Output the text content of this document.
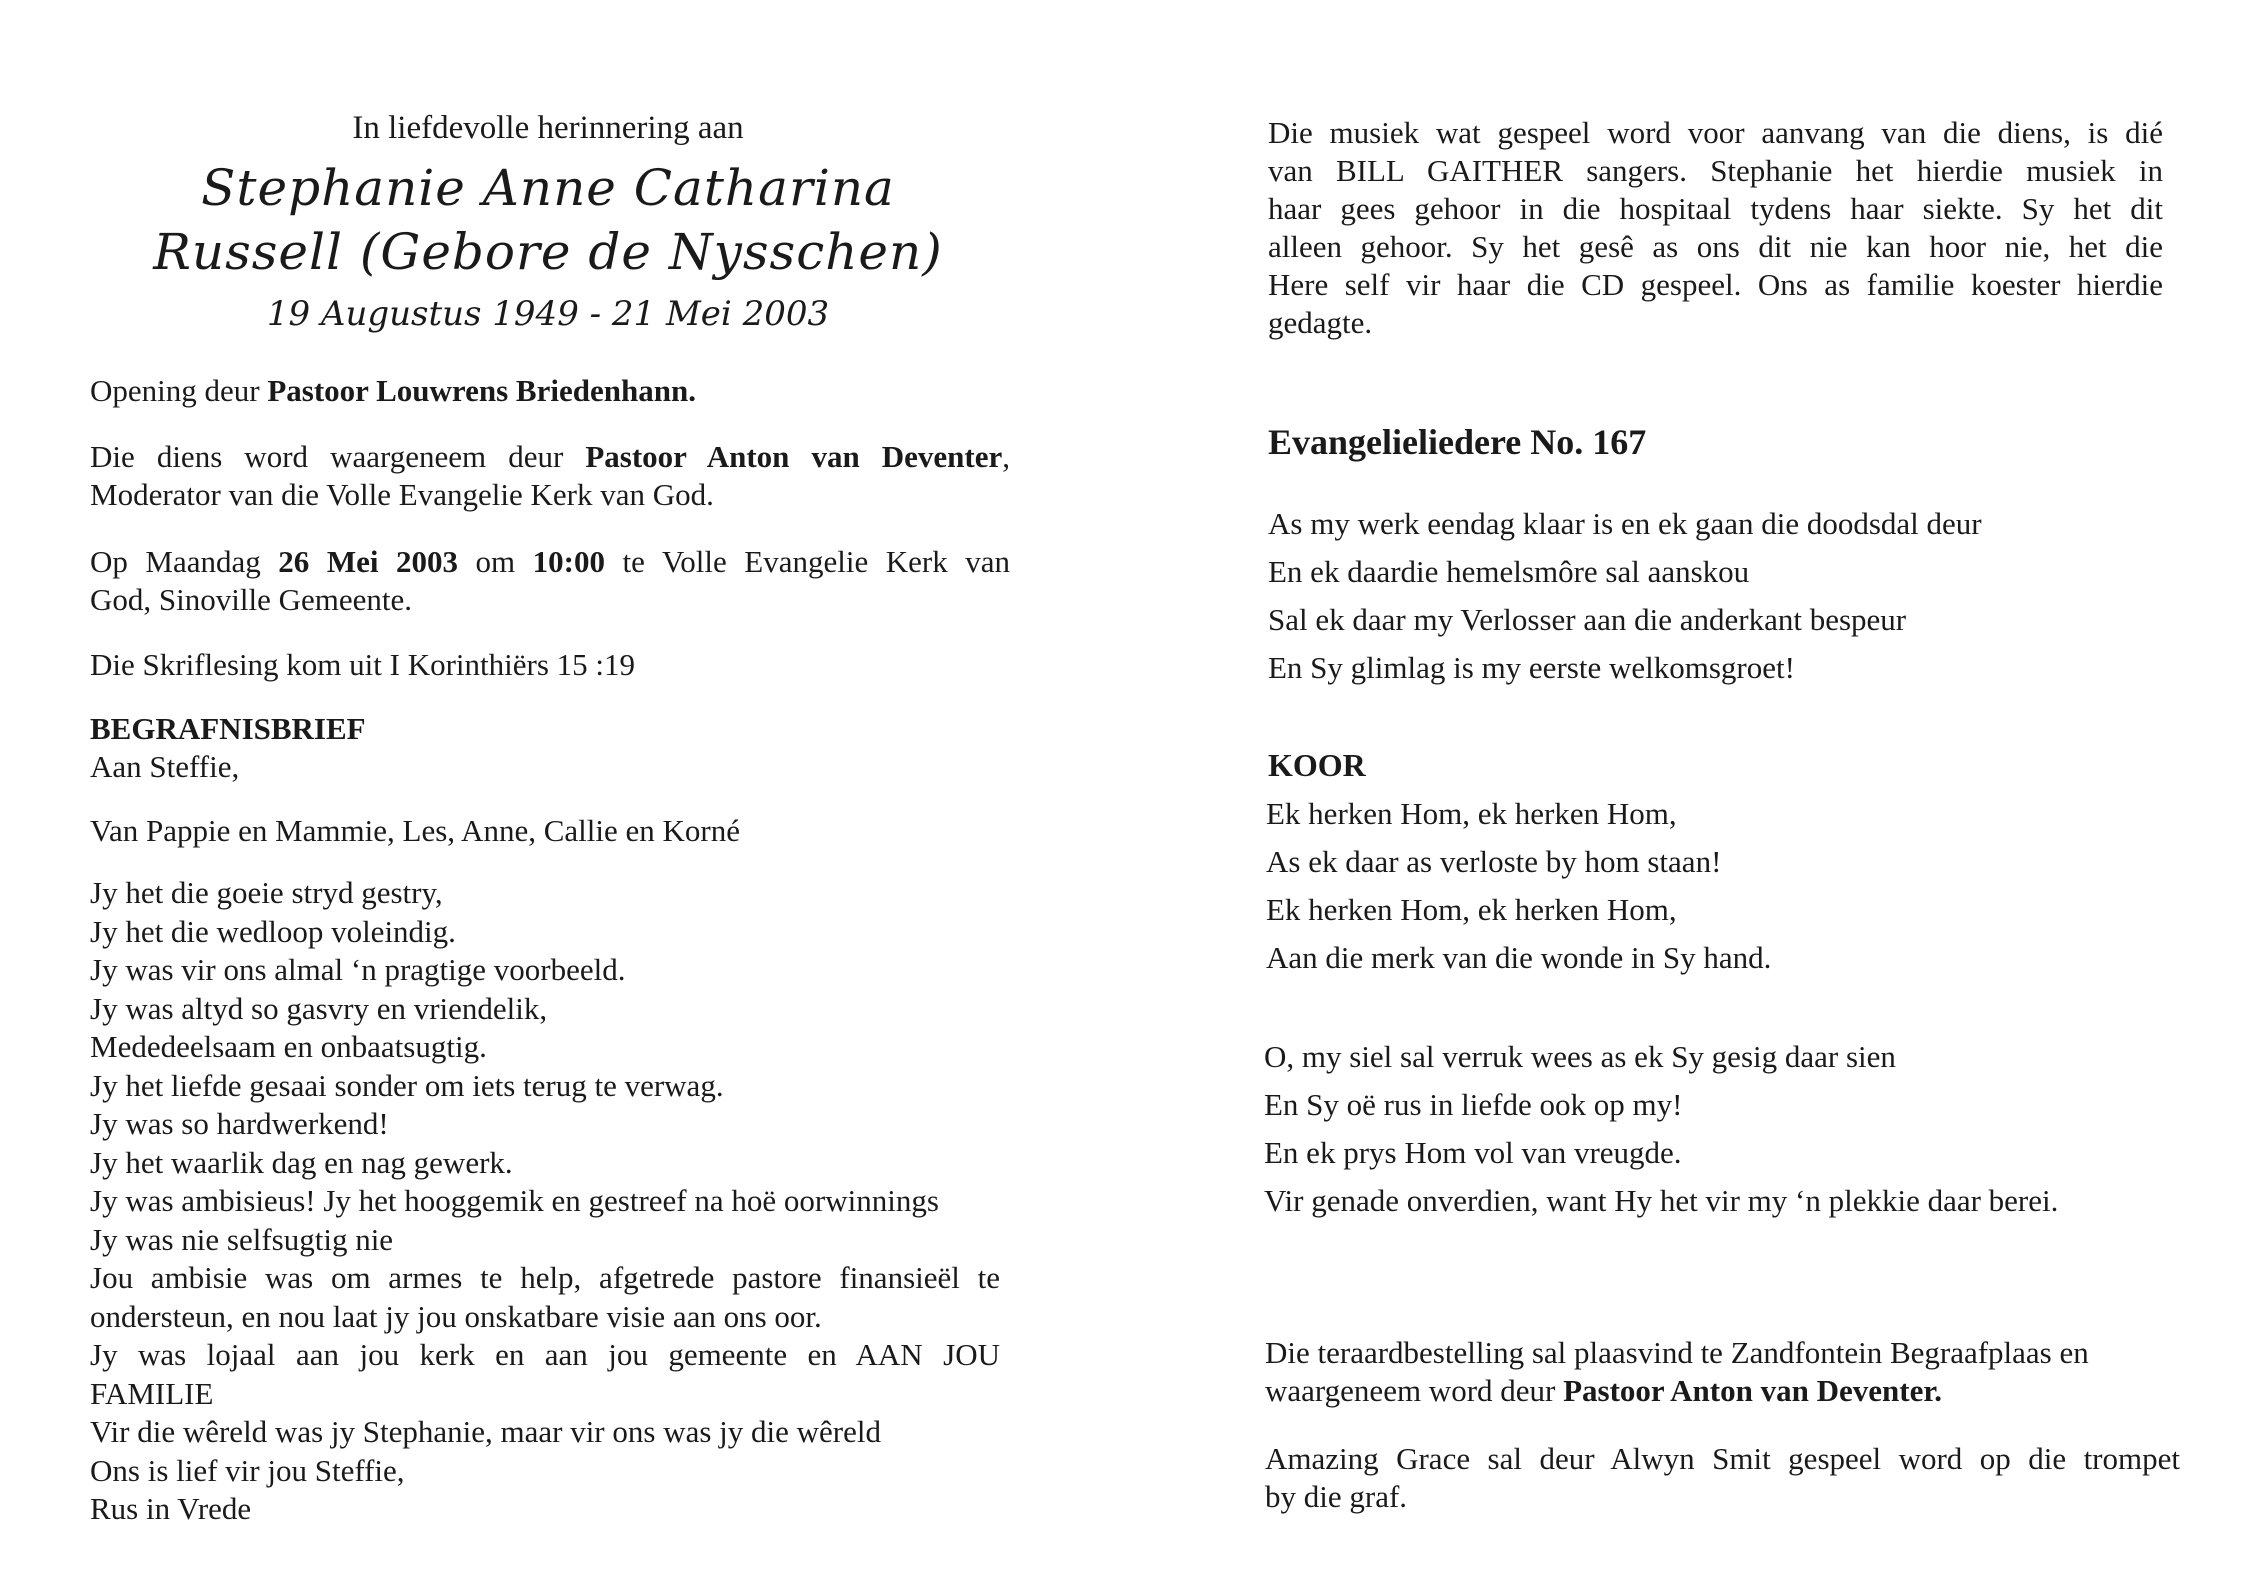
In liefdevolle herinnering aan
Stephanie Anne Catharina
Russell (Gebore de Nysschen)
19 Augustus 1949 - 21 Mei 2003
Opening deur Pastoor Louwrens Briedenhann.
Die diens word waargeneem deur Pastoor Anton van Deventer,
Moderator van die Volle Evangelie Kerk van God.
Op Maandag 26 Mei 2003 om 10:00 te Volle Evangelie Kerk van
God, Sinoville Gemeente.
Die Skriflesing kom uit I Korinthiërs 15 :19
BEGRAFNISBRIEF
Aan Steffie,
Van Pappie en Mammie, Les, Anne, Callie en Korné
Jy het die goeie stryd gestry,
Jy het die wedloop voleindig.
Jy was vir ons almal ‘n pragtige voorbeeld.
Jy was altyd so gasvry en vriendelik,
Mededeelsaam en onbaatsugtig.
Jy het liefde gesaai sonder om iets terug te verwag.
Jy was so hardwerkend!
Jy het waarlik dag en nag gewerk.
Jy was ambisieus! Jy het hooggemik en gestreef na hoë oorwinnings
Jy was nie selfsugtig nie
Jou ambisie was om armes te help, afgetrede pastore finansieël te
ondersteun, en nou laat jy jou onskatbare visie aan ons oor.
Jy was lojaal aan jou kerk en aan jou gemeente en AAN JOU
FAMILIE
Vir die wêreld was jy Stephanie, maar vir ons was jy die wêreld
Ons is lief vir jou Steffie,
Rus in Vrede
Die musiek wat gespeel word voor aanvang van die diens, is dié
van BILL GAITHER sangers. Stephanie het hierdie musiek in
haar gees gehoor in die hospitaal tydens haar siekte. Sy het dit
alleen gehoor. Sy het gesê as ons dit nie kan hoor nie, het die
Here self vir haar die CD gespeel. Ons as familie koester hierdie
gedagte.
Evangelieliedere No. 167
As my werk eendag klaar is en ek gaan die doodsdal deur
En ek daardie hemelsmôre sal aanskou
Sal ek daar my Verlosser aan die anderkant bespeur
En Sy glimlag is my eerste welkomsgroet!
KOOR
Ek herken Hom, ek herken Hom,
As ek daar as verloste by hom staan!
Ek herken Hom, ek herken Hom,
Aan die merk van die wonde in Sy hand.
O, my siel sal verruk wees as ek Sy gesig daar sien
En Sy oë rus in liefde ook op my!
En ek prys Hom vol van vreugde.
Vir genade onverdien, want Hy het vir my ‘n plekkie daar berei.
Die teraardbestelling sal plaasvind te Zandfontein Begraafplaas en
waargeneem word deur Pastoor Anton van Deventer.
Amazing Grace sal deur Alwyn Smit gespeel word op die trompet
by die graf.
